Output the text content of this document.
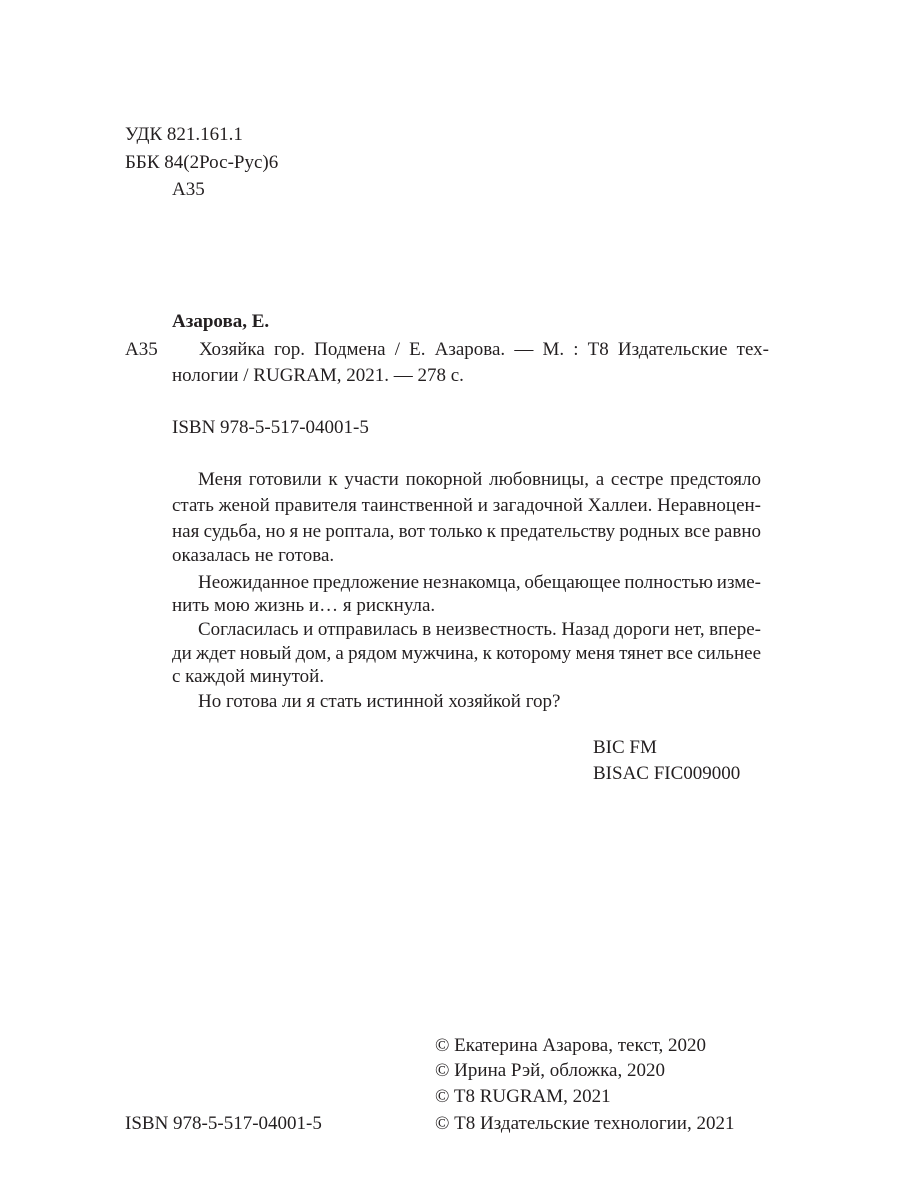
УДК 821.161.1
ББК 84(2Рос-Рус)6
А35
Азарова, Е.
А35 Хозяйка гор. Подмена / Е. Азарова. — М. : Т8 Издательские тех-
нологии / RUGRAM, 2021. — 278 с.
ISBN 978-5-517-04001-5
Меня готовили к участи покорной любовницы, а сестре предстояло
стать женой правителя таинственной и загадочной Халлеи. Неравноцен-
ная судьба, но я не роптала, вот только к предательству родных все равно
оказалась не готова.
Неожиданное предложение незнакомца, обещающее полностью изме-
нить мою жизнь и… я рискнула.
Согласилась и отправилась в неизвестность. Назад дороги нет, впере-
ди ждет новый дом, а рядом мужчина, к которому меня тянет все сильнее
с каждой минутой.
Но готова ли я стать истинной хозяйкой гор?
BIC FM
BISAC FIC009000
© Екатерина Азарова, текст, 2020
© Ирина Рэй, обложка, 2020
© T8 RUGRAM, 2021
ISBN 978-5-517-04001-5	© Т8 Издательские технологии, 2021
